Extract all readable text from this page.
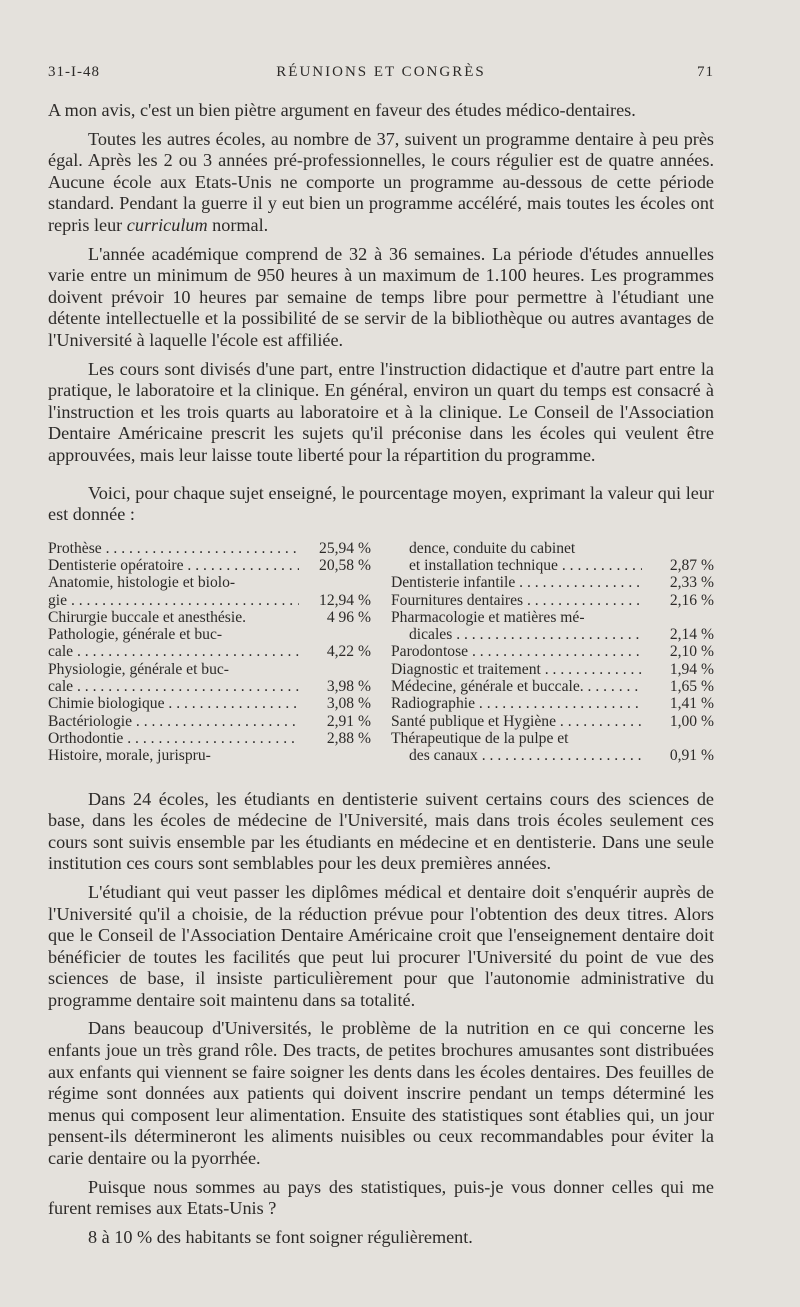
31-I-48	RÉUNIONS ET CONGRÈS	71

A mon avis, c'est un bien piètre argument en faveur des études médico-dentaires.

Toutes les autres écoles, au nombre de 37, suivent un programme dentaire à peu près égal. Après les 2 ou 3 années pré-professionnelles, le cours régulier est de quatre années. Aucune école aux Etats-Unis ne comporte un programme au-dessous de cette période standard. Pendant la guerre il y eut bien un programme accéléré, mais toutes les écoles ont repris leur curriculum normal.

L'année académique comprend de 32 à 36 semaines. La période d'études annuelles varie entre un minimum de 950 heures à un maximum de 1.100 heures. Les programmes doivent prévoir 10 heures par semaine de temps libre pour permettre à l'étudiant une détente intellectuelle et la possibilité de se servir de la bibliothèque ou autres avantages de l'Université à laquelle l'école est affiliée.

Les cours sont divisés d'une part, entre l'instruction didactique et d'autre part entre la pratique, le laboratoire et la clinique. En général, environ un quart du temps est consacré à l'instruction et les trois quarts au laboratoire et à la clinique. Le Conseil de l'Association Dentaire Américaine prescrit les sujets qu'il préconise dans les écoles qui veulent être approuvées, mais leur laisse toute liberté pour la répartition du programme.

Voici, pour chaque sujet enseigné, le pourcentage moyen, exprimant la valeur qui leur est donnée :

Prothèse . . .	25,94 %
Dentisterie opératoire . . .	20,58 %
Anatomie, histologie et biolo-
gie . . .	12,94 %
Chirurgie buccale et anesthésie.	4 96 %
Pathologie, générale et buc-
cale . . .	4,22 %
Physiologie, générale et buc-
cale . . .	3,98 %
Chimie biologique . . .	3,08 %
Bactériologie . . .	2,91 %
Orthodontie . . .	2,88 %
Histoire, morale, jurispru-
dence, conduite du cabinet
et installation technique . . .	2,87 %
Dentisterie infantile . . .	2,33 %
Fournitures dentaires . . .	2,16 %
Pharmacologie et matières mé-
dicales . . .	2,14 %
Parodontose . . .	2,10 %
Diagnostic et traitement . . .	1,94 %
Médecine, générale et buccale. . . .	1,65 %
Radiographie . . .	1,41 %
Santé publique et Hygiène . . .	1,00 %
Thérapeutique de la pulpe et
des canaux . . .	0,91 %

Dans 24 écoles, les étudiants en dentisterie suivent certains cours des sciences de base, dans les écoles de médecine de l'Université, mais dans trois écoles seulement ces cours sont suivis ensemble par les étudiants en médecine et en dentisterie. Dans une seule institution ces cours sont semblables pour les deux premières années.

L'étudiant qui veut passer les diplômes médical et dentaire doit s'enquérir auprès de l'Université qu'il a choisie, de la réduction prévue pour l'obtention des deux titres. Alors que le Conseil de l'Association Dentaire Américaine croit que l'enseignement dentaire doit bénéficier de toutes les facilités que peut lui procurer l'Université du point de vue des sciences de base, il insiste particulièrement pour que l'autonomie administrative du programme dentaire soit maintenu dans sa totalité.

Dans beaucoup d'Universités, le problème de la nutrition en ce qui concerne les enfants joue un très grand rôle. Des tracts, de petites brochures amusantes sont distribuées aux enfants qui viennent se faire soigner les dents dans les écoles dentaires. Des feuilles de régime sont données aux patients qui doivent inscrire pendant un temps déterminé les menus qui composent leur alimentation. Ensuite des statistiques sont établies qui, un jour pensent-ils détermineront les aliments nuisibles ou ceux recommandables pour éviter la carie dentaire ou la pyorrhée.

Puisque nous sommes au pays des statistiques, puis-je vous donner celles qui me furent remises aux Etats-Unis ?

8 à 10 % des habitants se font soigner régulièrement.
